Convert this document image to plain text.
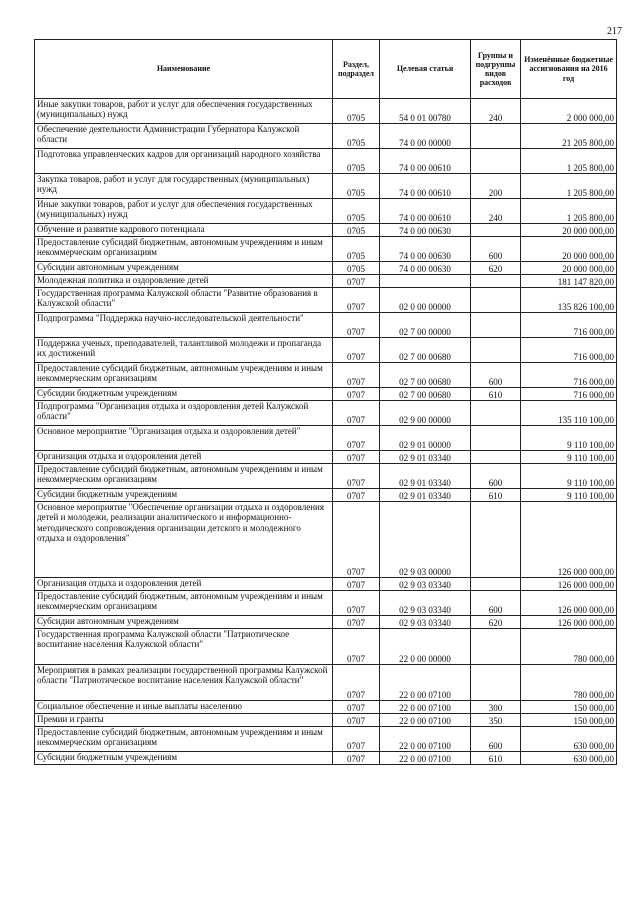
217
Наименование	Раздел, подраздел	Целевая статья	Группы и подгруппы видов расходов	Изменённые бюджетные ассигнования на 2016 год
Иные закупки товаров, работ и услуг для обеспечения государственных (муниципальных) нужд	0705	54 0 01 00780	240	2 000 000,00
Обеспечение деятельности Администрации Губернатора Калужской области	0705	74 0 00 00000		21 205 800,00
Подготовка управленческих кадров для организаций народного хозяйства	0705	74 0 00 00610		1 205 800,00
Закупка товаров, работ и услуг для государственных (муниципальных) нужд	0705	74 0 00 00610	200	1 205 800,00
Иные закупки товаров, работ и услуг для обеспечения государственных (муниципальных) нужд	0705	74 0 00 00610	240	1 205 800,00
Обучение и развитие кадрового потенциала	0705	74 0 00 00630		20 000 000,00
Предоставление субсидий бюджетным, автономным учреждениям и иным некоммерческим организациям	0705	74 0 00 00630	600	20 000 000,00
Субсидии автономным учреждениям	0705	74 0 00 00630	620	20 000 000,00
Молодежная политика и оздоровление детей	0707			181 147 820,00
Государственная программа Калужской области "Развитие образования в Калужской области"	0707	02 0 00 00000		135 826 100,00
Подпрограмма "Поддержка научно-исследовательской деятельности"	0707	02 7 00 00000		716 000,00
Поддержка ученых, преподавателей, талантливой молодежи и пропаганда их достижений	0707	02 7 00 00680		716 000,00
Предоставление субсидий бюджетным, автономным учреждениям и иным некоммерческим организациям	0707	02 7 00 00680	600	716 000,00
Субсидии бюджетным учреждениям	0707	02 7 00 00680	610	716 000,00
Подпрограмма "Организация отдыха и оздоровления детей Калужской области"	0707	02 9 00 00000		135 110 100,00
Основное мероприятие "Организация отдыха и оздоровления детей"	0707	02 9 01 00000		9 110 100,00
Организация отдыха и оздоровления детей	0707	02 9 01 03340		9 110 100,00
Предоставление субсидий бюджетным, автономным учреждениям и иным некоммерческим организациям	0707	02 9 01 03340	600	9 110 100,00
Субсидии бюджетным учреждениям	0707	02 9 01 03340	610	9 110 100,00
Основное мероприятие "Обеспечение организации отдыха и оздоровления детей и молодежи, реализации аналитического и информационно-методического сопровождения организации детского и молодежного отдыха и оздоровления"	0707	02 9 03 00000		126 000 000,00
Организация отдыха и оздоровления детей	0707	02 9 03 03340		126 000 000,00
Предоставление субсидий бюджетным, автономным учреждениям и иным некоммерческим организациям	0707	02 9 03 03340	600	126 000 000,00
Субсидии автономным учреждениям	0707	02 9 03 03340	620	126 000 000,00
Государственная программа Калужской области "Патриотическое воспитание населения Калужской области"	0707	22 0 00 00000		780 000,00
Мероприятия в рамках реализации государственной программы Калужской области "Патриотическое воспитание населения Калужской области"	0707	22 0 00 07100		780 000,00
Социальное обеспечение и иные выплаты населению	0707	22 0 00 07100	300	150 000,00
Премии и гранты	0707	22 0 00 07100	350	150 000,00
Предоставление субсидий бюджетным, автономным учреждениям и иным некоммерческим организациям	0707	22 0 00 07100	600	630 000,00
Субсидии бюджетным учреждениям	0707	22 0 00 07100	610	630 000,00
